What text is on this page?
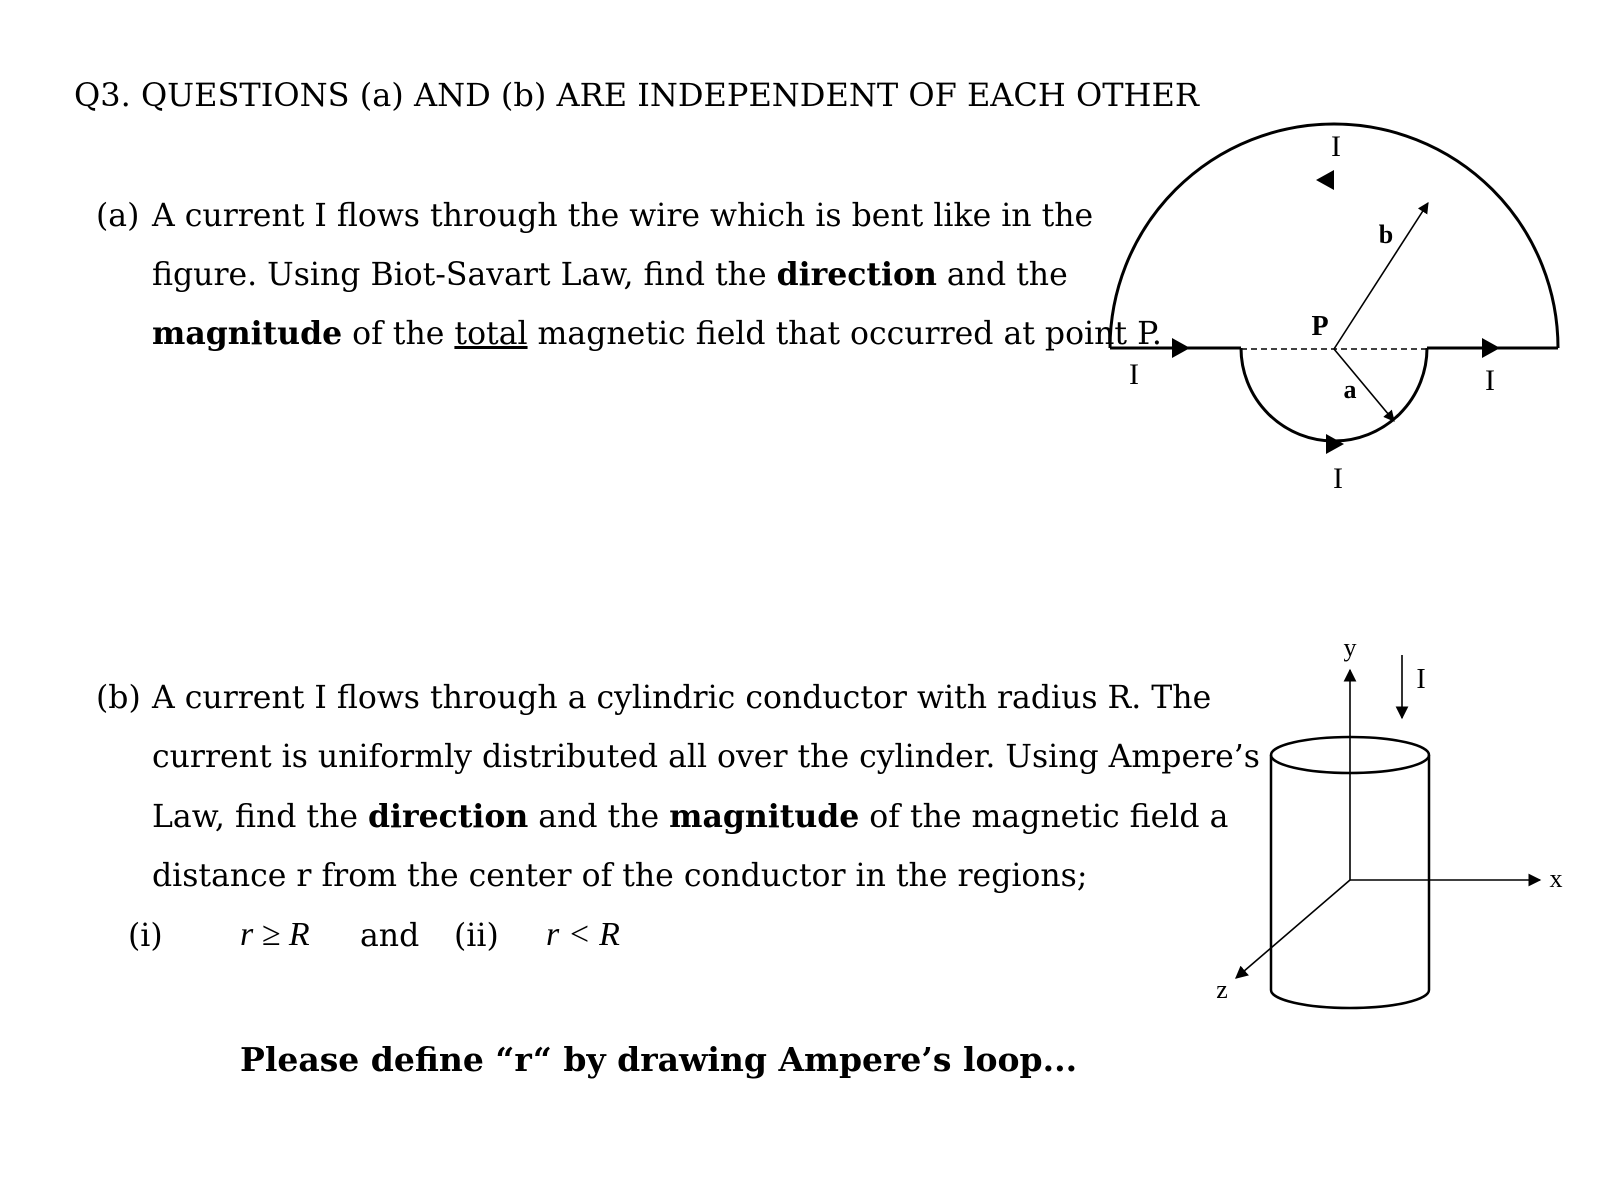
Q3. QUESTIONS (a) AND (b) ARE INDEPENDENT OF EACH OTHER
(a) A current I flows through the wire which is bent like in the
figure. Using Biot-Savart Law, find the direction and the
magnitude of the total magnetic field that occurred at point P.
(b) A current I flows through a cylindric conductor with radius R. The
current is uniformly distributed all over the cylinder. Using Ampere’s
Law, find the direction and the magnitude of the magnetic field a
distance r from the center of the conductor in the regions;
(i) r ≥ R and (ii) r < R
Please define “r“ by drawing Ampere’s loop...
I
I	I
I
P
b
a
y
x
z
I
